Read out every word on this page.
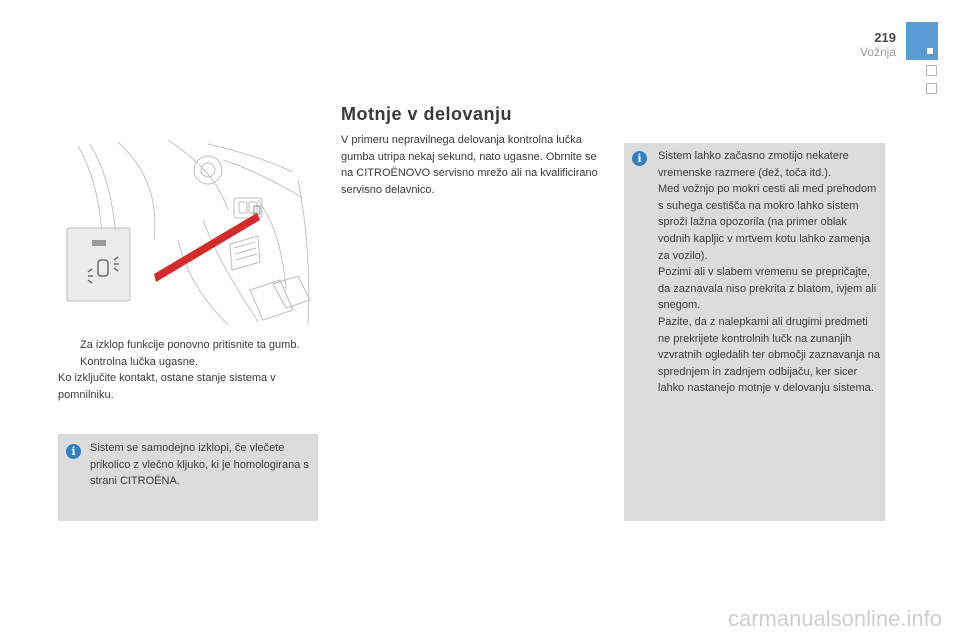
219
Vožnja
Motnje v delovanju
V primeru nepravilnega delovanja kontrolna lučka gumba utripa nekaj sekund, nato ugasne. Obrnite se na CITROËNOVO servisno mrežo ali na kvalificirano servisno delavnico.
Za izklop funkcije ponovno pritisnite ta gumb. Kontrolna lučka ugasne.
Ko izključite kontakt, ostane stanje sistema v pomnilniku.
i	Sistem se samodejno izklopi, če vlečete prikolico z vlečno kljuko, ki je homologirana s strani CITROËNA.
i	Sistem lahko začasno zmotijo nekatere vremenske razmere (dež, toča itd.).
Med vožnjo po mokri cesti ali med prehodom s suhega cestišča na mokro lahko sistem sproži lažna opozorila (na primer oblak vodnih kapljic v mrtvem kotu lahko zamenja za vozilo).
Pozimi ali v slabem vremenu se prepričajte, da zaznavala niso prekrita z blatom, ivjem ali snegom.
Pazite, da z nalepkami ali drugimi predmeti ne prekrijete kontrolnih lučk na zunanjih vzvratnih ogledalih ter območji zaznavanja na sprednjem in zadnjem odbijaču, ker sicer lahko nastanejo motnje v delovanju sistema.
carmanualsonline.info
